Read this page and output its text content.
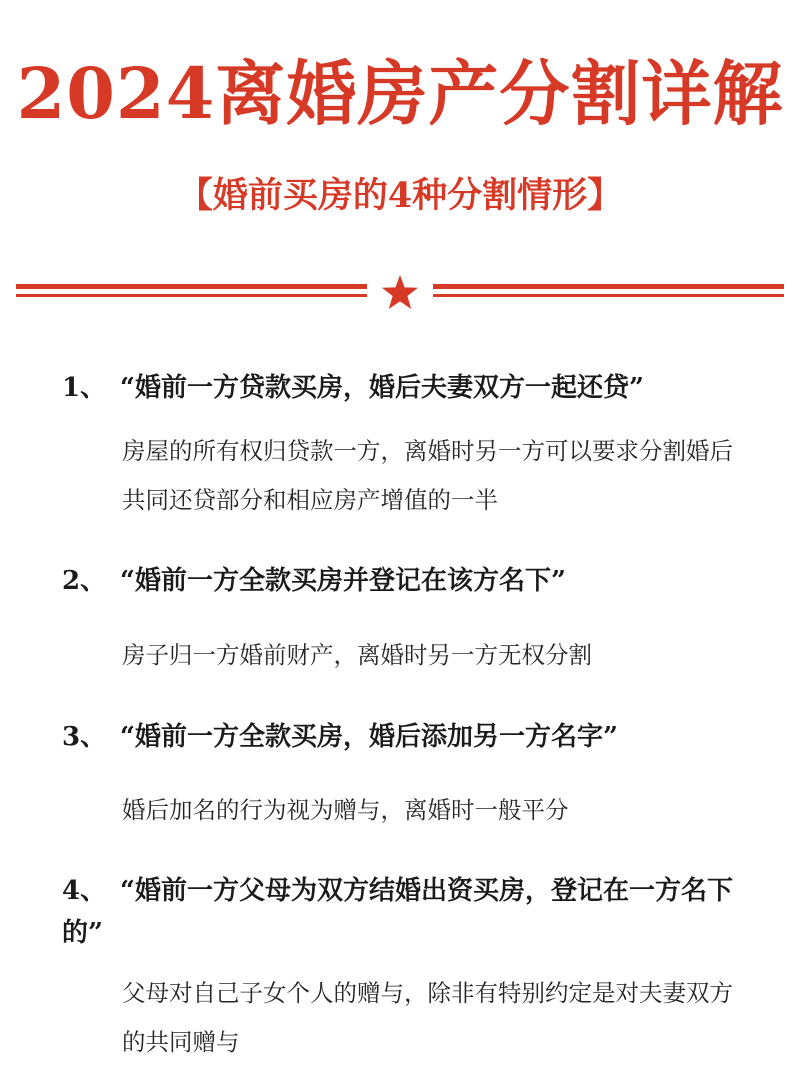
2024离婚房产分割详解
【婚前买房的4种分割情形】
1、 “婚前一方贷款买房，婚后夫妻双方一起还贷”

房屋的所有权归贷款一方，离婚时另一方可以要求分割婚后共同还贷部分和相应房产增值的一半

2、 “婚前一方全款买房并登记在该方名下”

房子归一方婚前财产，离婚时另一方无权分割

3、 “婚前一方全款买房，婚后添加另一方名字”

婚后加名的行为视为赠与，离婚时一般平分

4、 “婚前一方父母为双方结婚出资买房，登记在一方名下的”

父母对自己子女个人的赠与，除非有特别约定是对夫妻双方的共同赠与
